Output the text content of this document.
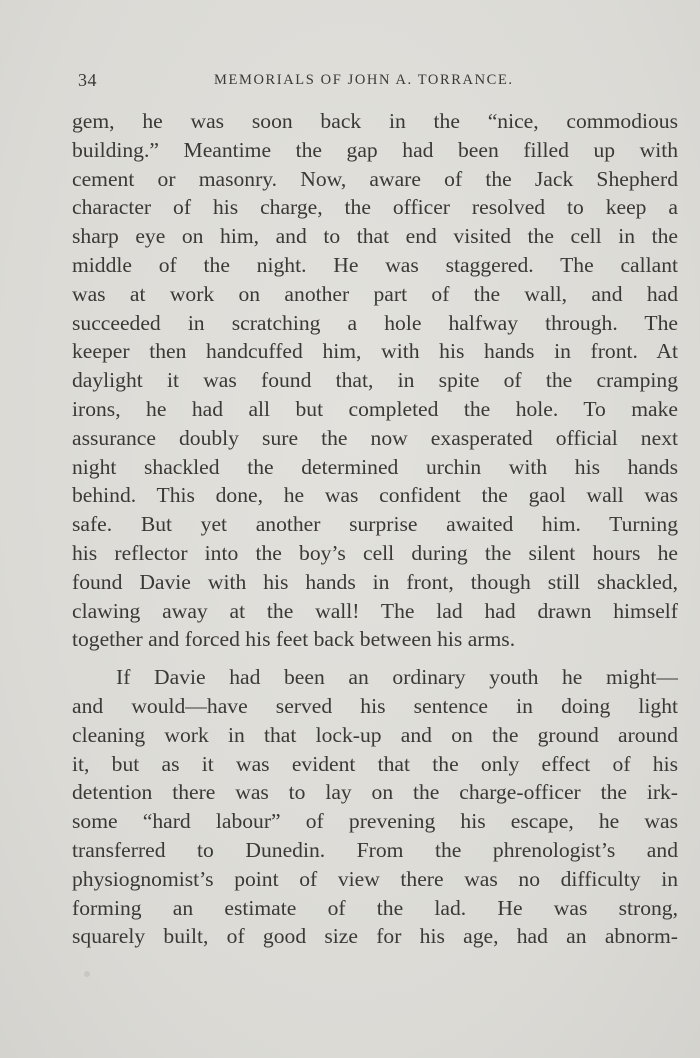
34	MEMORIALS OF JOHN A. TORRANCE.
gem, he was soon back in the “nice, commodious
building.” Meantime the gap had been filled up with
cement or masonry. Now, aware of the Jack Shepherd
character of his charge, the officer resolved to keep a
sharp eye on him, and to that end visited the cell in the
middle of the night. He was staggered. The callant
was at work on another part of the wall, and had
succeeded in scratching a hole halfway through. The
keeper then handcuffed him, with his hands in front. At
daylight it was found that, in spite of the cramping
irons, he had all but completed the hole. To make
assurance doubly sure the now exasperated official next
night shackled the determined urchin with his hands
behind. This done, he was confident the gaol wall was
safe. But yet another surprise awaited him. Turning
his reflector into the boy’s cell during the silent hours he
found Davie with his hands in front, though still shackled,
clawing away at the wall! The lad had drawn himself
together and forced his feet back between his arms.
If Davie had been an ordinary youth he might—
and would—have served his sentence in doing light
cleaning work in that lock-up and on the ground around
it, but as it was evident that the only effect of his
detention there was to lay on the charge-officer the irk-
some “hard labour” of prevening his escape, he was
transferred to Dunedin. From the phrenologist’s and
physiognomist’s point of view there was no difficulty in
forming an estimate of the lad. He was strong,
squarely built, of good size for his age, had an abnorm-
